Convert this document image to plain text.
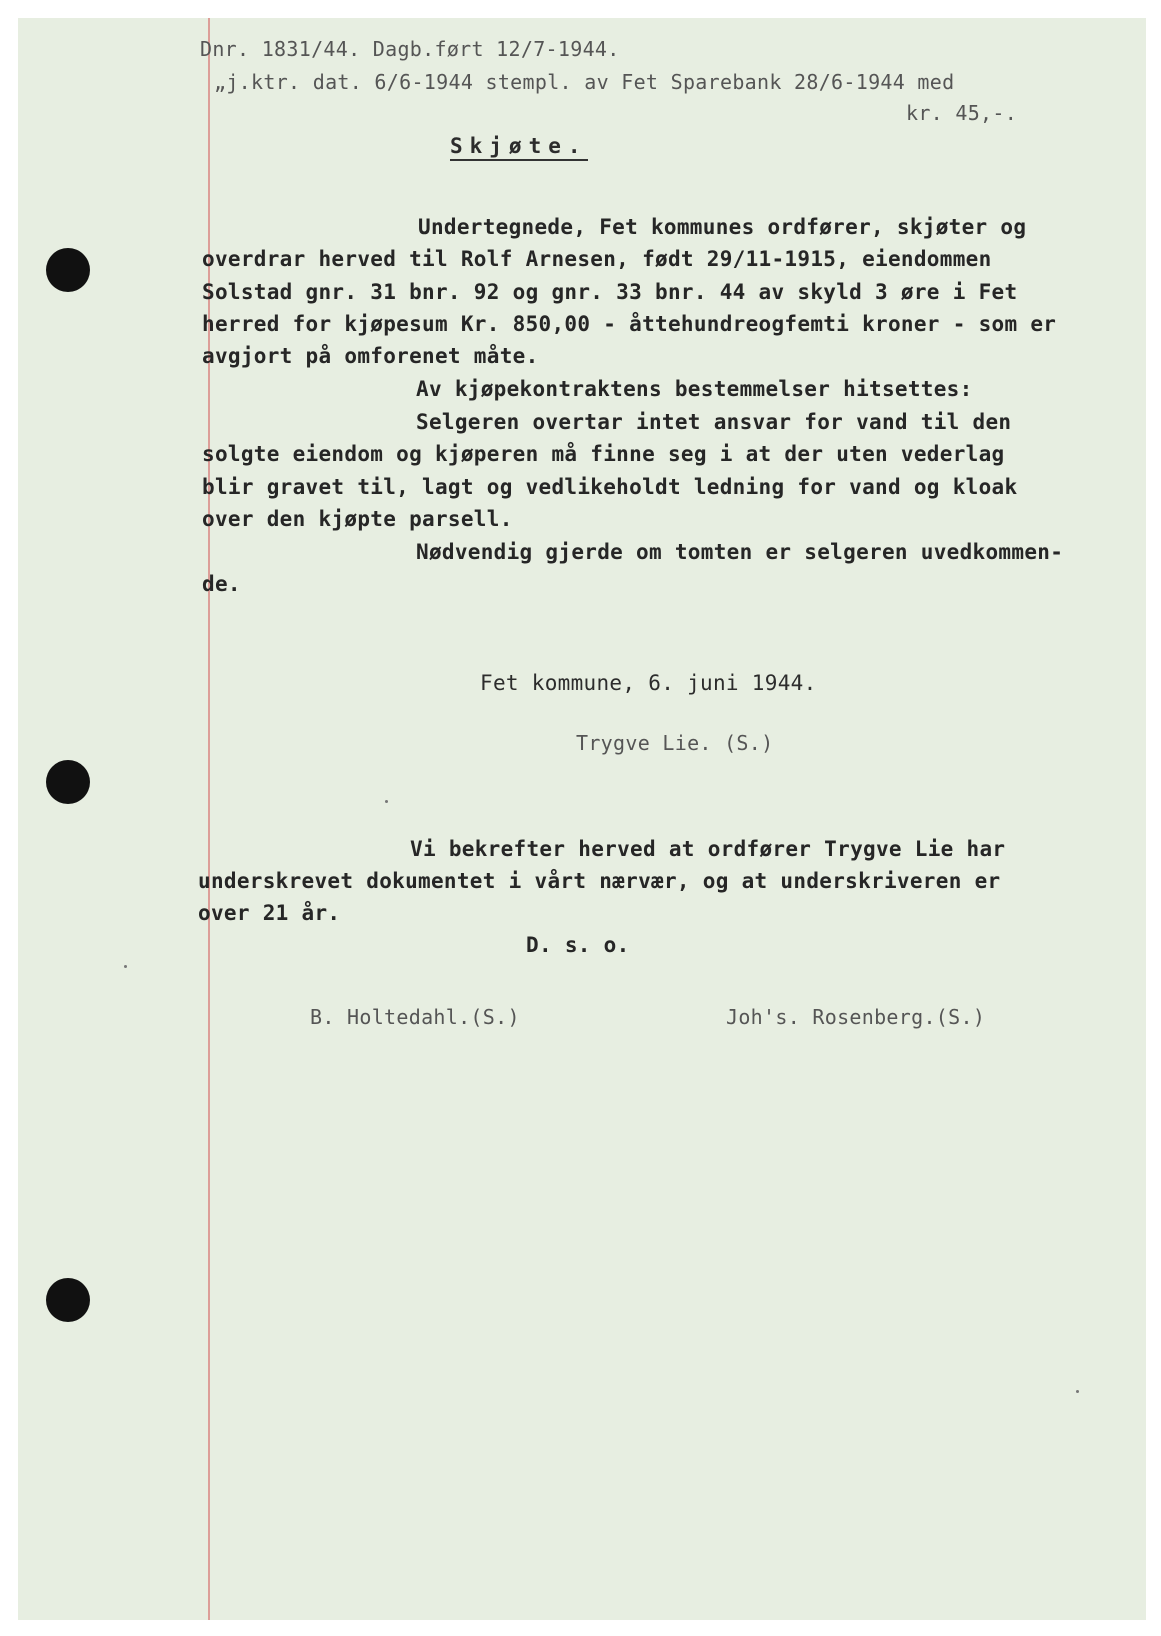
Dnr. 1831/44. Dagb.ført 12/7-1944.
„j.ktr. dat. 6/6-1944 stempl. av Fet Sparebank 28/6-1944 med
kr. 45,-.
Skjøte.
Undertegnede, Fet kommunes ordfører, skjøter og
overdrar herved til Rolf Arnesen, født 29/11-1915, eiendommen
Solstad gnr. 31 bnr. 92 og gnr. 33 bnr. 44 av skyld 3 øre i Fet
herred for kjøpesum Kr. 850,00 - åttehundreogfemti kroner - som er
avgjort på omforenet måte.
Av kjøpekontraktens bestemmelser hitsettes:
Selgeren overtar intet ansvar for vand til den
solgte eiendom og kjøperen må finne seg i at der uten vederlag
blir gravet til, lagt og vedlikeholdt ledning for vand og kloak
over den kjøpte parsell.
Nødvendig gjerde om tomten er selgeren uvedkommen-
de.
Fet kommune, 6. juni 1944.
Trygve Lie. (S.)
Vi bekrefter herved at ordfører Trygve Lie har
underskrevet dokumentet i vårt nærvær, og at underskriveren er
over 21 år.
D. s. o.
B. Holtedahl.(S.)	Joh's. Rosenberg.(S.)
